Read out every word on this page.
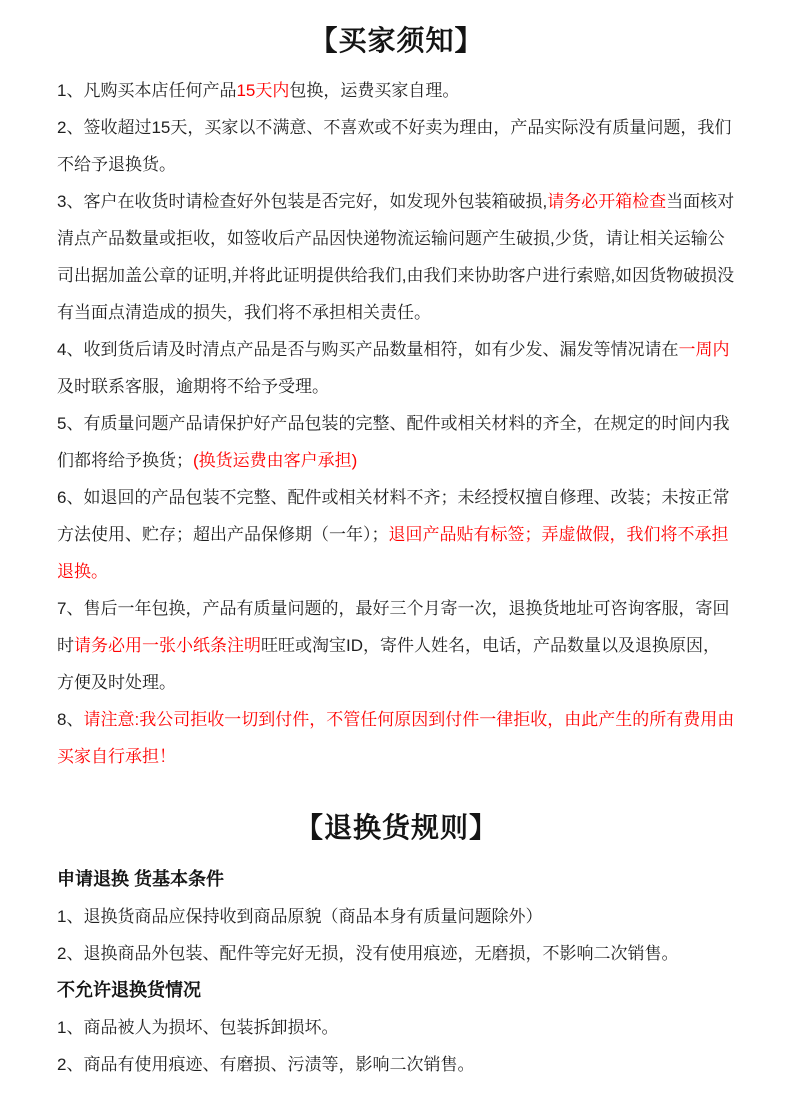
【买家须知】

1、凡购买本店任何产品15天内包换，运费买家自理。

2、签收超过15天，买家以不满意、不喜欢或不好卖为理由，产品实际没有质量问题，我们不给予退换货。

3、客户在收货时请检查好外包装是否完好，如发现外包装箱破损,请务必开箱检查当面核对清点产品数量或拒收，如签收后产品因快递物流运输问题产生破损,少货，请让相关运输公司出据加盖公章的证明,并将此证明提供给我们,由我们来协助客户进行索赔,如因货物破损没有当面点清造成的损失，我们将不承担相关责任。

4、收到货后请及时清点产品是否与购买产品数量相符，如有少发、漏发等情况请在一周内及时联系客服，逾期将不给予受理。

5、有质量问题产品请保护好产品包装的完整、配件或相关材料的齐全，在规定的时间内我们都将给予换货；(换货运费由客户承担)

6、如退回的产品包装不完整、配件或相关材料不齐；未经授权擅自修理、改装；未按正常方法使用、贮存；超出产品保修期（一年）；退回产品贴有标签；弄虚做假，我们将不承担退换。

7、售后一年包换，产品有质量问题的，最好三个月寄一次，退换货地址可咨询客服，寄回时请务必用一张小纸条注明旺旺或淘宝ID，寄件人姓名，电话，产品数量以及退换原因，方便及时处理。

8、请注意:我公司拒收一切到付件，不管任何原因到付件一律拒收，由此产生的所有费用由买家自行承担！

【退换货规则】
申请退换 货基本条件

1、退换货商品应保持收到商品原貌（商品本身有质量问题除外）

2、退换商品外包装、配件等完好无损，没有使用痕迹，无磨损，不影响二次销售。

不允许退换货情况

1、商品被人为损坏、包装拆卸损坏。

2、商品有使用痕迹、有磨损、污渍等，影响二次销售。
